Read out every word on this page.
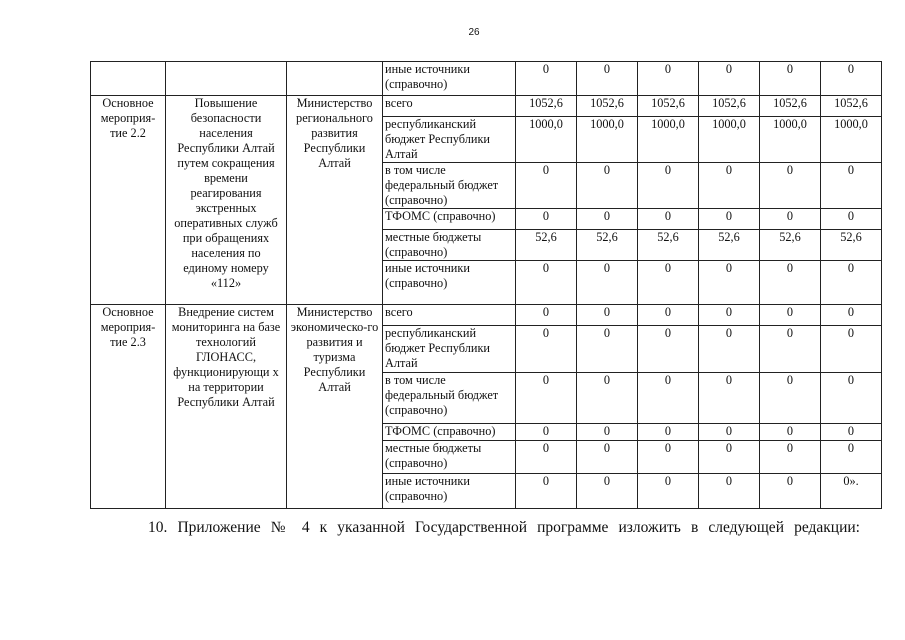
26
			иные источники (справочно)	0	0	0	0	0	0
Основное мероприя-тие 2.2	Повышение безопасности населения Республики Алтай путем сокращения времени реагирования экстренных оперативных служб при обращениях населения по единому номеру «112»	Министерство регионального развития Республики Алтай	всего	1052,6	1052,6	1052,6	1052,6	1052,6	1052,6
			республиканский бюджет Республики Алтай	1000,0	1000,0	1000,0	1000,0	1000,0	1000,0
			в том числе федеральный бюджет (справочно)	0	0	0	0	0	0
			ТФОМС (справочно)	0	0	0	0	0	0
			местные бюджеты (справочно)	52,6	52,6	52,6	52,6	52,6	52,6
			иные источники (справочно)	0	0	0	0	0	0
Основное мероприя-тие 2.3	Внедрение систем мониторинга на базе технологий ГЛОНАСС, функционирующи х на территории Республики Алтай	Министерство экономическо-го развития и туризма Республики Алтай	всего	0	0	0	0	0	0
			республиканский бюджет Республики Алтай	0	0	0	0	0	0
			в том числе федеральный бюджет (справочно)	0	0	0	0	0	0
			ТФОМС (справочно)	0	0	0	0	0	0
			местные бюджеты (справочно)	0	0	0	0	0	0
			иные источники (справочно)	0	0	0	0	0	0».
10. Приложение № 4 к указанной Государственной программе изложить в следующей редакции:
